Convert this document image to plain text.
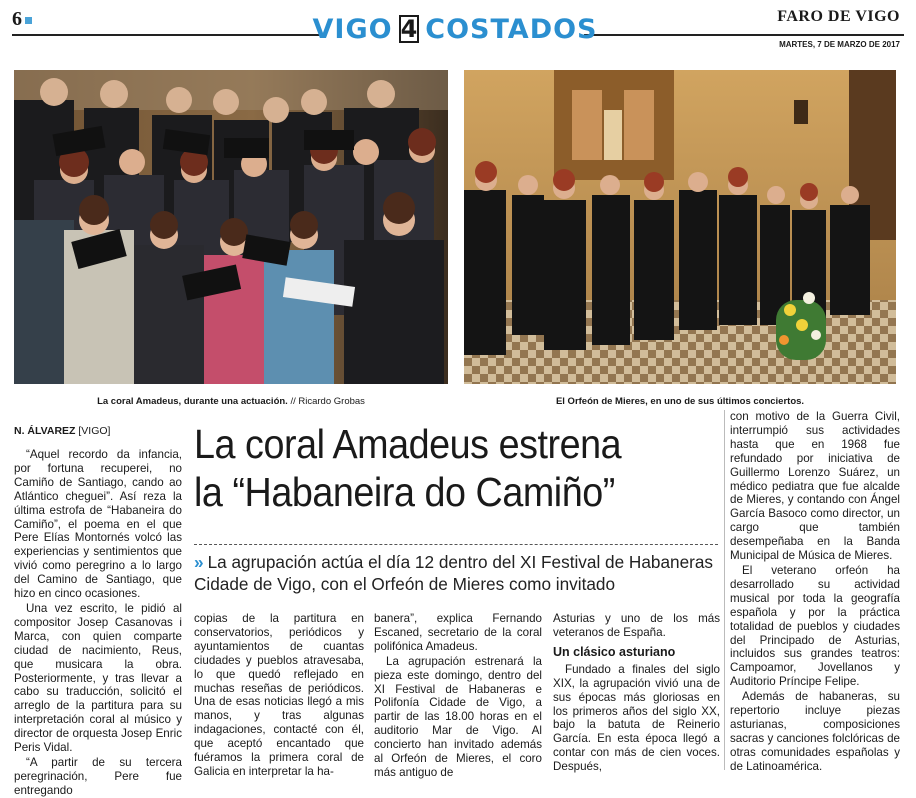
6	VIGO 4 COSTADOS	FARO DE VIGO
MARTES, 7 DE MARZO DE 2017
La coral Amadeus, durante una actuación. // Ricardo Grobas	El Orfeón de Mieres, en uno de sus últimos conciertos.
N. ÁLVAREZ [VIGO] La coral Amadeus estrena
la “Habaneira do Camiño”
» La agrupación actúa el día 12 dentro del XI Festival de Habaneras Cidade de Vigo, con el Orfeón de Mieres como invitado

“Aquel recordo da infancia, por fortuna recuperei, no Camiño de Santiago, cando ao Atlántico cheguei”. Así reza la última estrofa de “Habaneira do Camiño”, el poema en el que Pere Elías Montornés volcó las experiencias y sentimientos que vivió como peregrino a lo largo del Camino de Santiago, que hizo en cinco ocasiones.

Una vez escrito, le pidió al compositor Josep Casanovas i Marca, con quien comparte ciudad de nacimiento, Reus, que musicara la obra. Posteriormente, y tras llevar a cabo su traducción, solicitó el arreglo de la partitura para su interpretación coral al músico y director de orquesta Josep Enric Peris Vidal.

“A partir de su tercera peregrinación, Pere fue entregando

copias de la partitura en conservatorios, periódicos y ayuntamientos de cuantas ciudades y pueblos atravesaba, lo que quedó reflejado en muchas reseñas de periódicos. Una de esas noticias llegó a mis manos, y tras algunas indagaciones, contacté con él, que aceptó encantado que fuéramos la primera coral de Galicia en interpretar la ha-

banera”, explica Fernando Escaned, secretario de la coral polifónica Amadeus.

La agrupación estrenará la pieza este domingo, dentro del XI Festival de Habaneras e Polifonía Cidade de Vigo, a partir de las 18.00 horas en el auditorio Mar de Vigo. Al concierto han invitado además al Orfeón de Mieres, el coro más antiguo de

Asturias y uno de los más veteranos de España.

Un clásico asturiano

Fundado a finales del siglo XIX, la agrupación vivió una de sus épocas más gloriosas en los primeros años del siglo XX, bajo la batuta de Reinerio García. En esta época llegó a contar con más de cien voces. Después,

con motivo de la Guerra Civil, interrumpió sus actividades hasta que en 1968 fue refundado por iniciativa de Guillermo Lorenzo Suárez, un médico pediatra que fue alcalde de Mieres, y contando con Ángel García Basoco como director, un cargo que también desempeñaba en la Banda Municipal de Música de Mieres.

El veterano orfeón ha desarrollado su actividad musical por toda la geografía española y por la práctica totalidad de pueblos y ciudades del Principado de Asturias, incluidos sus grandes teatros: Campoamor, Jovellanos y Auditorio Príncipe Felipe.

Además de habaneras, su repertorio incluye piezas asturianas, composiciones sacras y canciones folclóricas de otras comunidades españolas y de Latinoamérica.
